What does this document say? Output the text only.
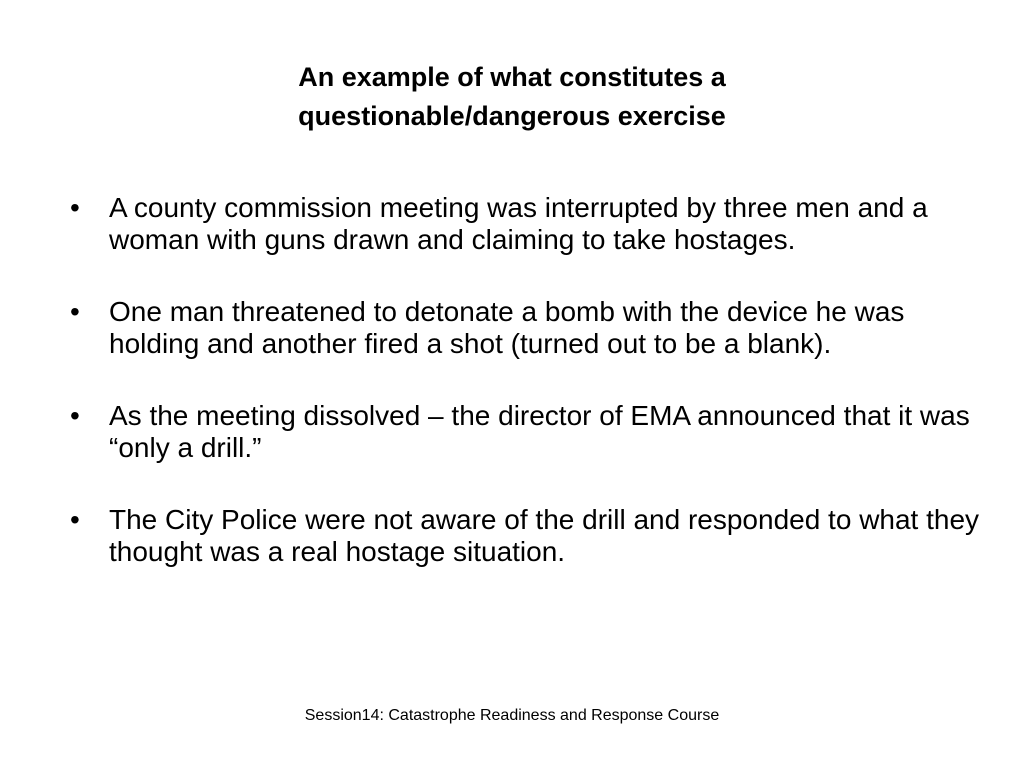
An example of what constitutes a
questionable/dangerous exercise
• A county commission meeting was interrupted by three men and a woman with guns drawn and claiming to take hostages.
• One man threatened to detonate a bomb with the device he was holding and another fired a shot (turned out to be a blank).
• As the meeting dissolved – the director of EMA announced that it was “only a drill.”
• The City Police were not aware of the drill and responded to what they thought was a real hostage situation.
Session14: Catastrophe Readiness and Response Course
